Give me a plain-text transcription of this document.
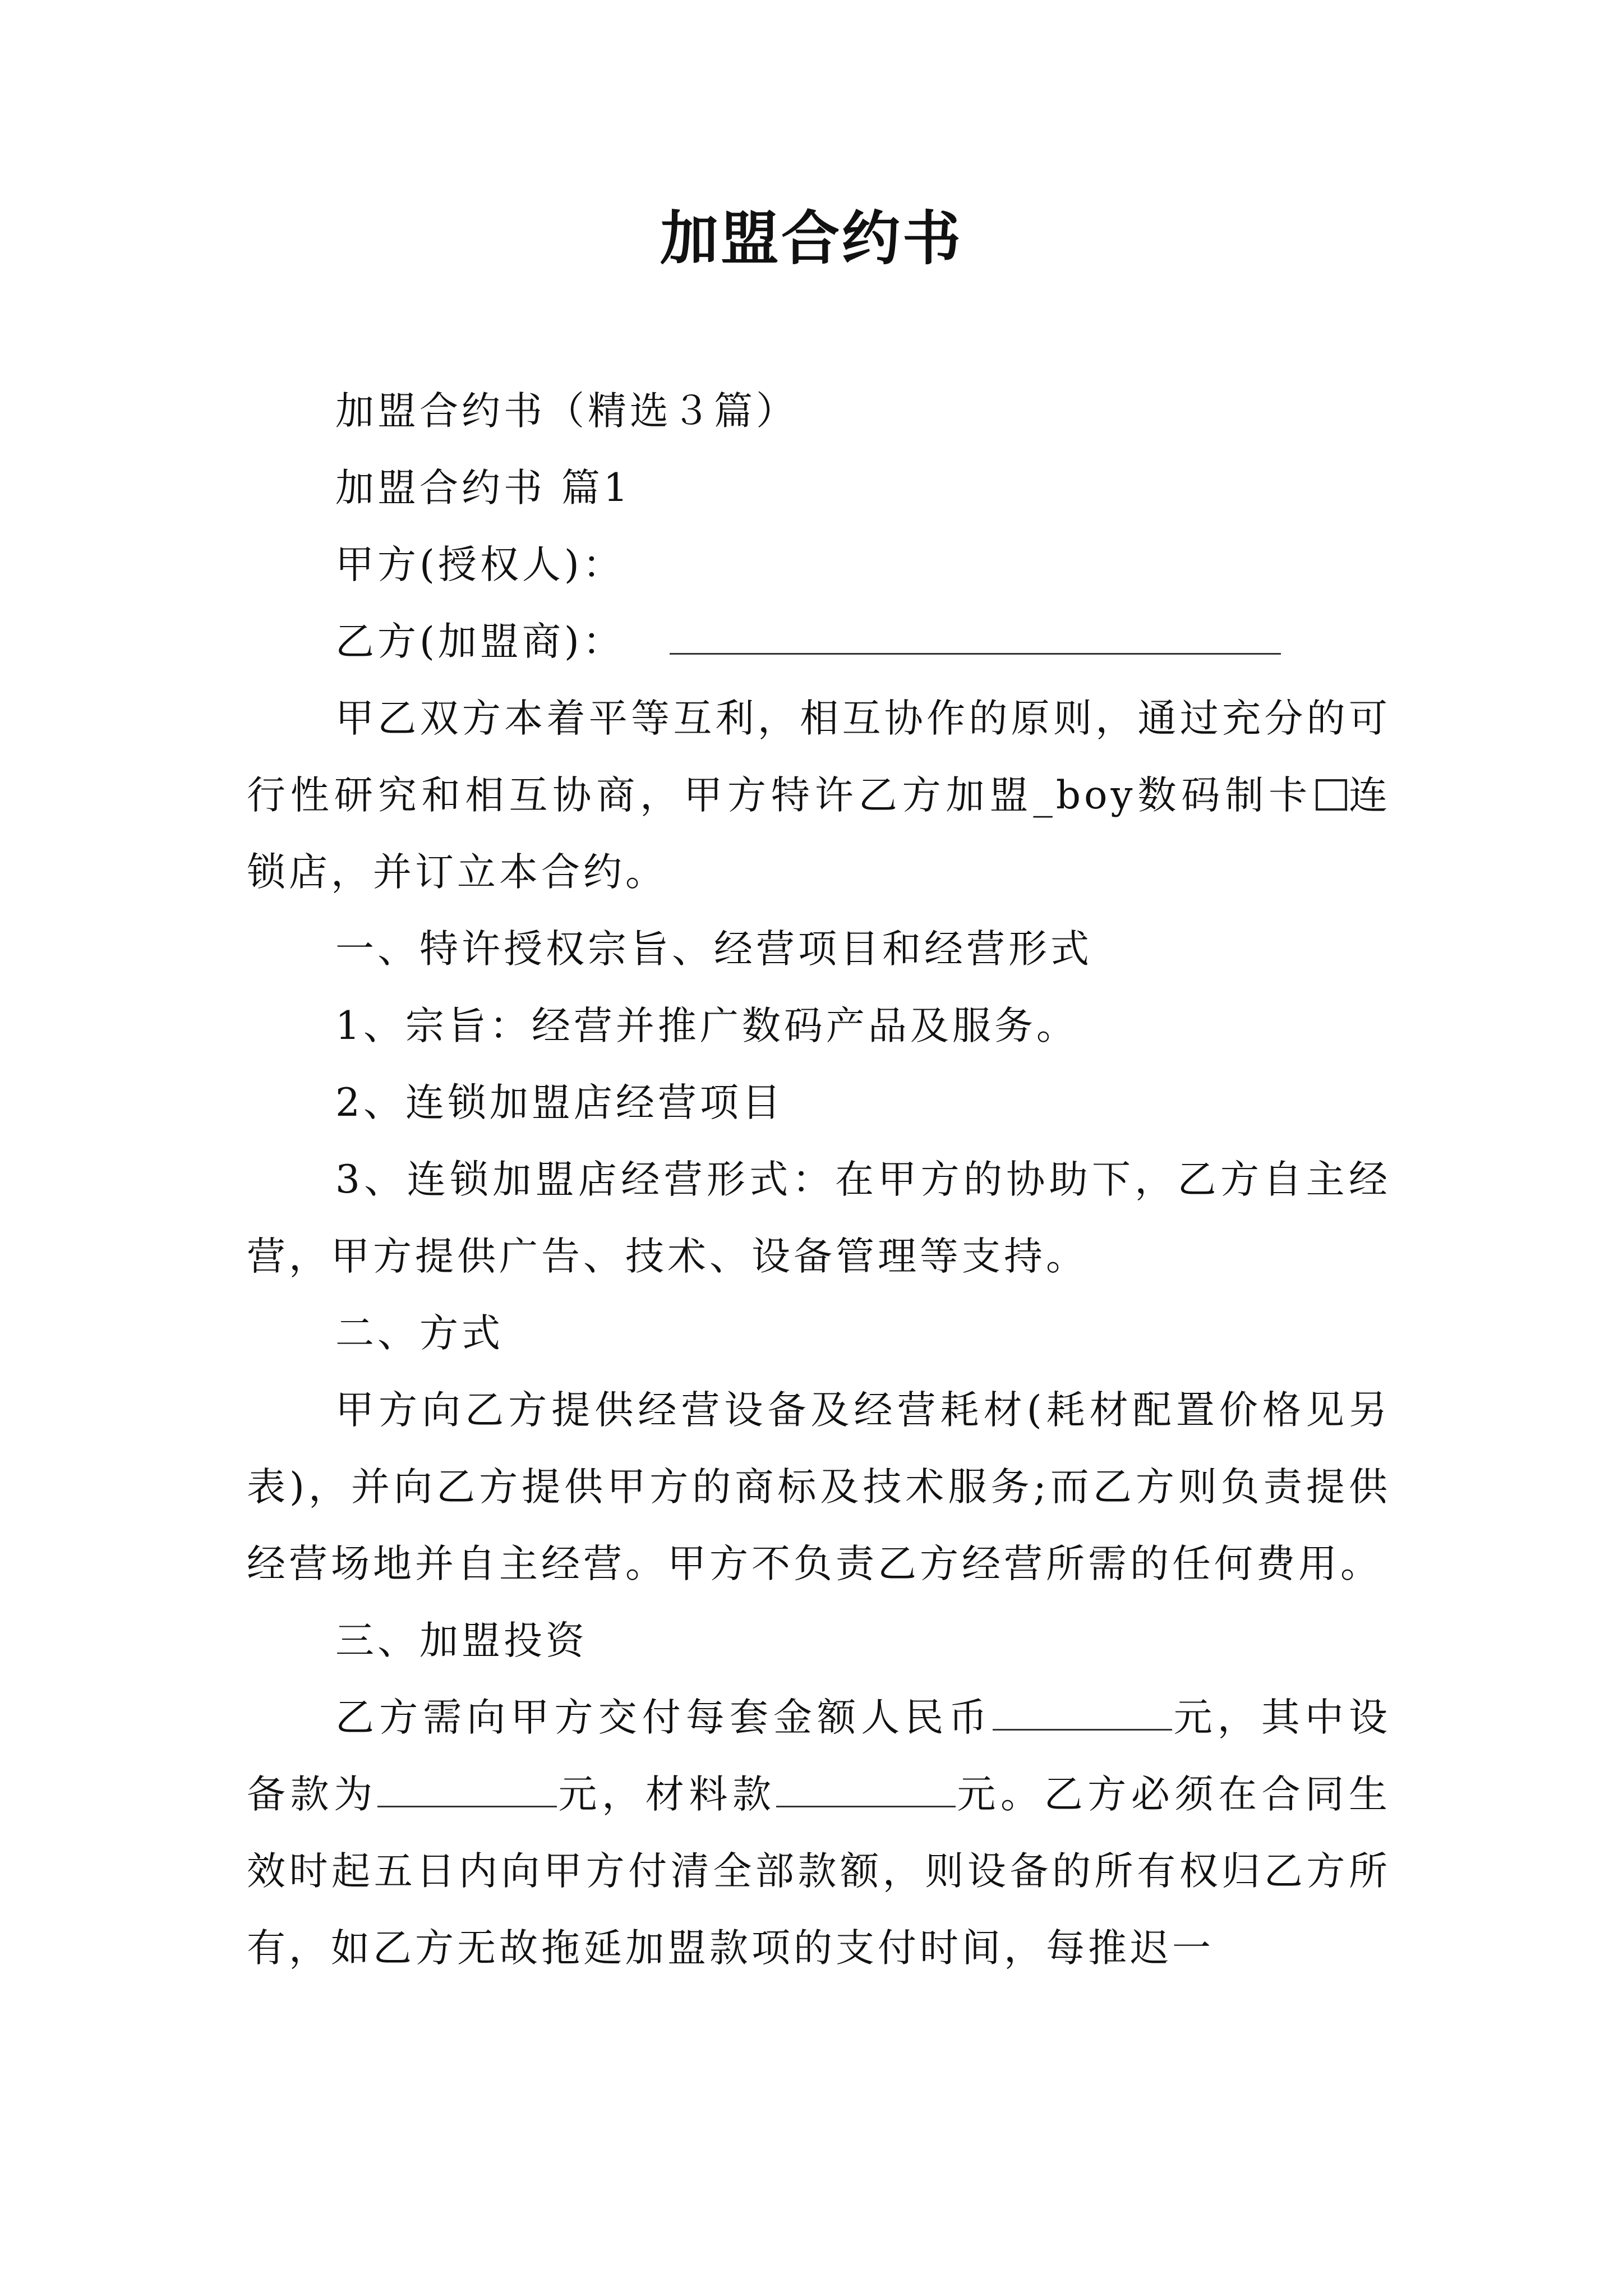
加盟合约书

加盟合约书（精选３篇）

加盟合约书 篇1

甲方(授权人)：

乙方(加盟商)：

甲乙双方本着平等互利，相互协作的原则，通过充分的可行性研究和相互协商，甲方特许乙方加盟_boy数码制卡 连锁店，并订立本合约。

一、特许授权宗旨、经营项目和经营形式

1、宗旨：经营并推广数码产品及服务。

2、连锁加盟店经营项目

3、连锁加盟店经营形式：在甲方的协助下，乙方自主经营，甲方提供广告、技术、设备管理等支持。

二、方式

甲方向乙方提供经营设备及经营耗材(耗材配置价格见另表)，并向乙方提供甲方的商标及技术服务;而乙方则负责提供经营场地并自主经营。甲方不负责乙方经营所需的任何费用。

三、加盟投资

乙方需向甲方交付每套金额人民币	元，其中设备款为	元，材料款	元。乙方必须在合同生效时起五日内向甲方付清全部款额，则设备的所有权归乙方所有，如乙方无故拖延加盟款项的支付时间，每推迟一
